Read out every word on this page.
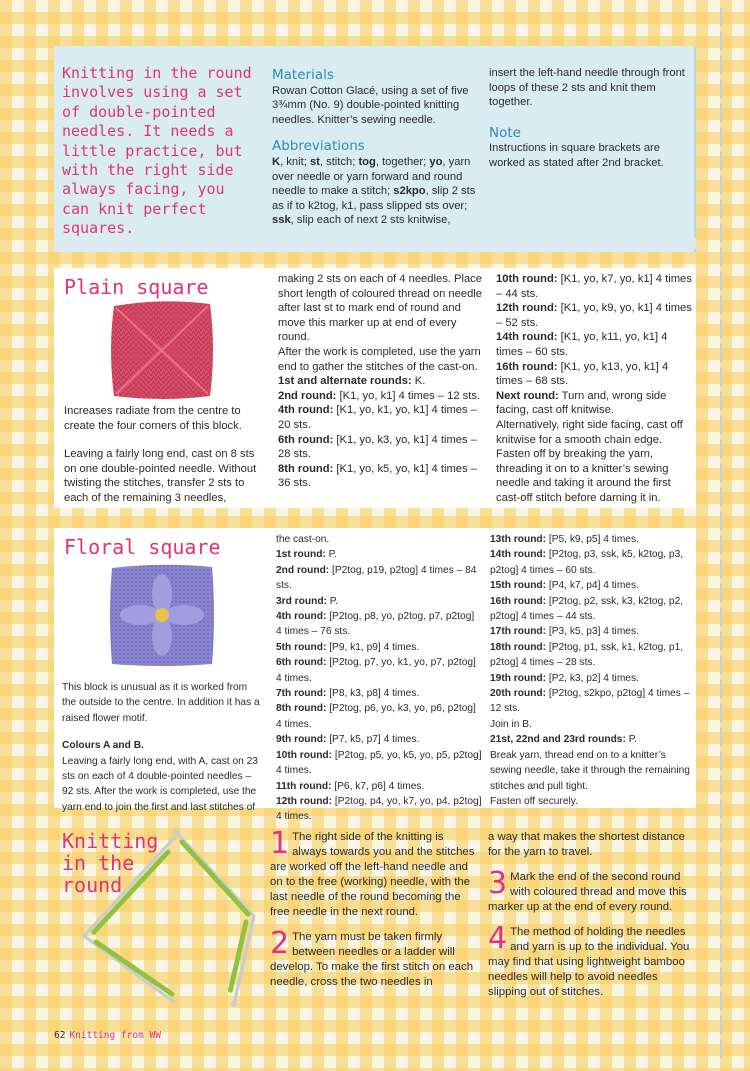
Knitting in the round involves using a set of double-pointed needles. It needs a little practice, but with the right side always facing, you can knit perfect squares.
Materials
Rowan Cotton Glacé, using a set of five 3¾mm (No. 9) double-pointed knitting needles. Knitter’s sewing needle.
Abbreviations
K, knit; st, stitch; tog, together; yo, yarn over needle or yarn forward and round needle to make a stitch; s2kpo, slip 2 sts as if to k2tog, k1, pass slipped sts over; ssk, slip each of next 2 sts knitwise,
insert the left-hand needle through front loops of these 2 sts and knit them together.
Note
Instructions in square brackets are worked as stated after 2nd bracket.
Plain square

Increases radiate from the centre to create the four corners of this block.

Leaving a fairly long end, cast on 8 sts on one double-pointed needle. Without twisting the stitches, transfer 2 sts to each of the remaining 3 needles,

making 2 sts on each of 4 needles. Place short length of coloured thread on needle after last st to mark end of round and move this marker up at end of every round.
After the work is completed, use the yarn end to gather the stitches of the cast-on.
1st and alternate rounds: K.
2nd round: [K1, yo, k1] 4 times – 12 sts.
4th round: [K1, yo, k1, yo, k1] 4 times – 20 sts.
6th round: [K1, yo, k3, yo, k1] 4 times – 28 sts.
8th round: [K1, yo, k5, yo, k1] 4 times – 36 sts.
10th round: [K1, yo, k7, yo, k1] 4 times – 44 sts.
12th round: [K1, yo, k9, yo, k1] 4 times – 52 sts.
14th round: [K1, yo, k11, yo, k1] 4 times – 60 sts.
16th round: [K1, yo, k13, yo, k1] 4 times – 68 sts.
Next round: Turn and, wrong side facing, cast off knitwise.
Alternatively, right side facing, cast off knitwise for a smooth chain edge. Fasten off by breaking the yarn, threading it on to a knitter’s sewing needle and taking it around the first cast-off stitch before darning it in.
Floral square

This block is unusual as it is worked from the outside to the centre. In addition it has a raised flower motif.

Colours A and B.
Leaving a fairly long end, with A, cast on 23 sts on each of 4 double-pointed needles – 92 sts. After the work is completed, use the yarn end to join the first and last stitches of
the cast-on.
1st round: P.
2nd round: [P2tog, p19, p2tog] 4 times – 84 sts.
3rd round: P.
4th round: [P2tog, p8, yo, p2tog, p7, p2tog] 4 times – 76 sts.
5th round: [P9, k1, p9] 4 times.
6th round: [P2tog, p7, yo, k1, yo, p7, p2tog] 4 times.
7th round: [P8, k3, p8] 4 times.
8th round: [P2tog, p6, yo, k3, yo, p6, p2tog] 4 times.
9th round: [P7, k5, p7] 4 times.
10th round: [P2tog, p5, yo, k5, yo, p5, p2tog] 4 times.
11th round: [P6, k7, p6] 4 times.
12th round: [P2tog, p4, yo, k7, yo, p4, p2tog] 4 times.
13th round: [P5, k9, p5] 4 times.
14th round: [P2tog, p3, ssk, k5, k2tog, p3, p2tog] 4 times – 60 sts.
15th round: [P4, k7, p4] 4 times.
16th round: [P2tog, p2, ssk, k3, k2tog, p2, p2tog] 4 times – 44 sts.
17th round: [P3, k5, p3] 4 times.
18th round: [P2tog, p1, ssk, k1, k2tog, p1, p2tog] 4 times – 28 sts.
19th round: [P2, k3, p2] 4 times.
20th round: [P2tog, s2kpo, p2tog] 4 times – 12 sts.
Join in B.
21st, 22nd and 23rd rounds: P.
Break yarn, thread end on to a knitter’s sewing needle, take it through the remaining stitches and pull tight.
Fasten off securely.
Knitting
in the
round
1 The right side of the knitting is always towards you and the stitches are worked off the left-hand needle and on to the free (working) needle, with the last needle of the round becoming the free needle in the next round.
2 The yarn must be taken firmly between needles or a ladder will develop. To make the first stitch on each needle, cross the two needles in
a way that makes the shortest distance for the yarn to travel.
3 Mark the end of the second round with coloured thread and move this marker up at the end of every round.
4 The method of holding the needles and yarn is up to the individual. You may find that using lightweight bamboo needles will help to avoid needles slipping out of stitches.
62 Knitting from WW
